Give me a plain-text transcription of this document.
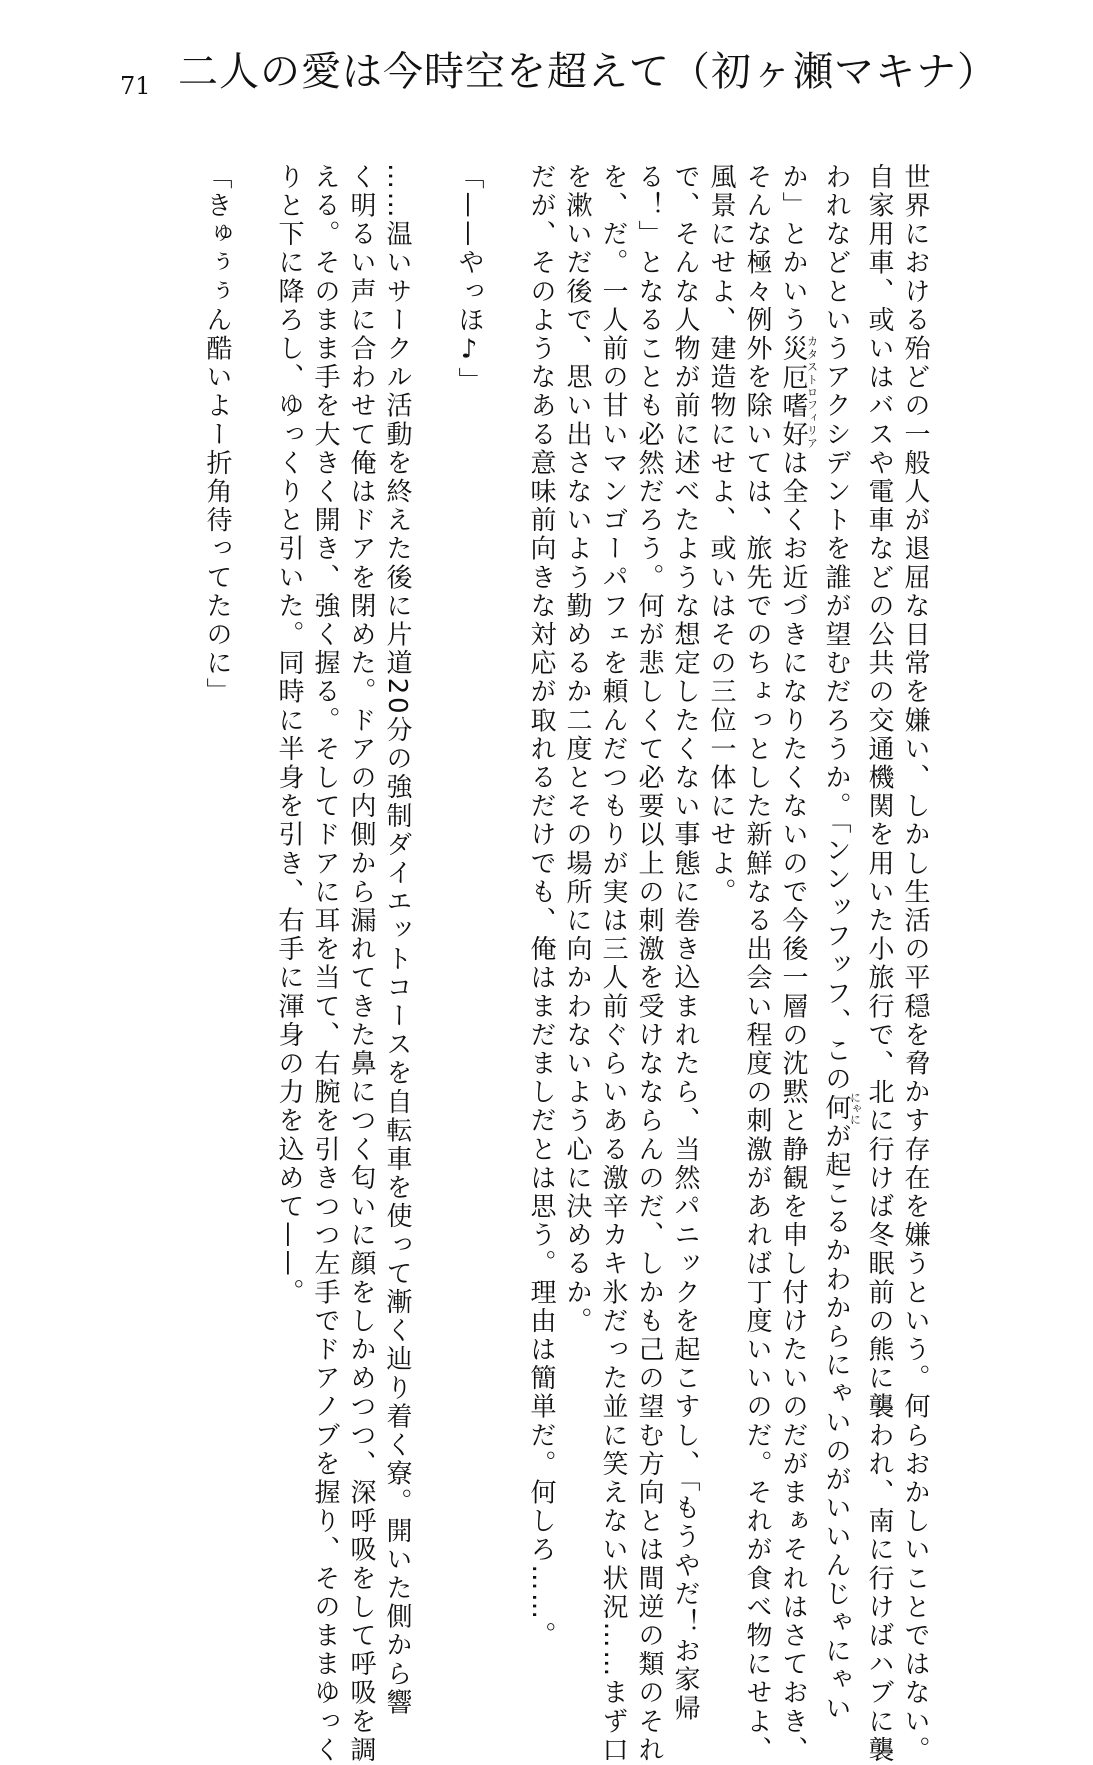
71 二人の愛は今時空を超えて（初ヶ瀬マキナ）
世界における殆どの一般人が退屈な日常を嫌い、しかし生活の平穏を脅かす存在を嫌うという。何らおかしいことではない。
自家用車、或いはバスや電車などの公共の交通機関を用いた小旅行で、北に行けば冬眠前の熊に襲われ、南に行けばハブに襲
われなどというアクシデントを誰が望むだろうか。「ンンッフッフ、この何にゃにが起こるかわからにゃいのがいいんじゃにゃい
か」とかいう災厄嗜好カタストロフィリアは全くお近づきになりたくないので今後一層の沈黙と静観を申し付けたいのだがまぁそれはさておき、
そんな極々例外を除いては、旅先でのちょっとした新鮮なる出会い程度の刺激があれば丁度いいのだ。それが食べ物にせよ、
風景にせよ、建造物にせよ、或いはその三位一体にせよ。
で、そんな人物が前に述べたような想定したくない事態に巻き込まれたら、当然パニックを起こすし、「もうやだ！お家帰
る！」となることも必然だろう。何が悲しくて必要以上の刺激を受けなならんのだ、しかも己の望む方向とは間逆の類のそれ
を、だ。一人前の甘いマンゴーパフェを頼んだつもりが実は三人前ぐらいある激辛カキ氷だった並に笑えない状況……まず口
を漱いだ後で、思い出さないよう勤めるか二度とその場所に向かわないよう心に決めるか。
だが、そのようなある意味前向きな対応が取れるだけでも、俺はまだましだとは思う。理由は簡単だ。何しろ……。

「——やっほ♪」

……温いサークル活動を終えた後に片道20分の強制ダイエットコースを自転車を使って漸く辿り着く寮。開いた側から響
く明るい声に合わせて俺はドアを閉めた。ドアの内側から漏れてきた鼻につく匂いに顔をしかめつつ、深呼吸をして呼吸を調
える。そのまま手を大きく開き、強く握る。そしてドアに耳を当て、右腕を引きつつ左手でドアノブを握り、そのままゆっく
りと下に降ろし、ゆっくりと引いた。同時に半身を引き、右手に渾身の力を込めて——。

「きゅぅぅん酷いよー折角待ってたのに」
